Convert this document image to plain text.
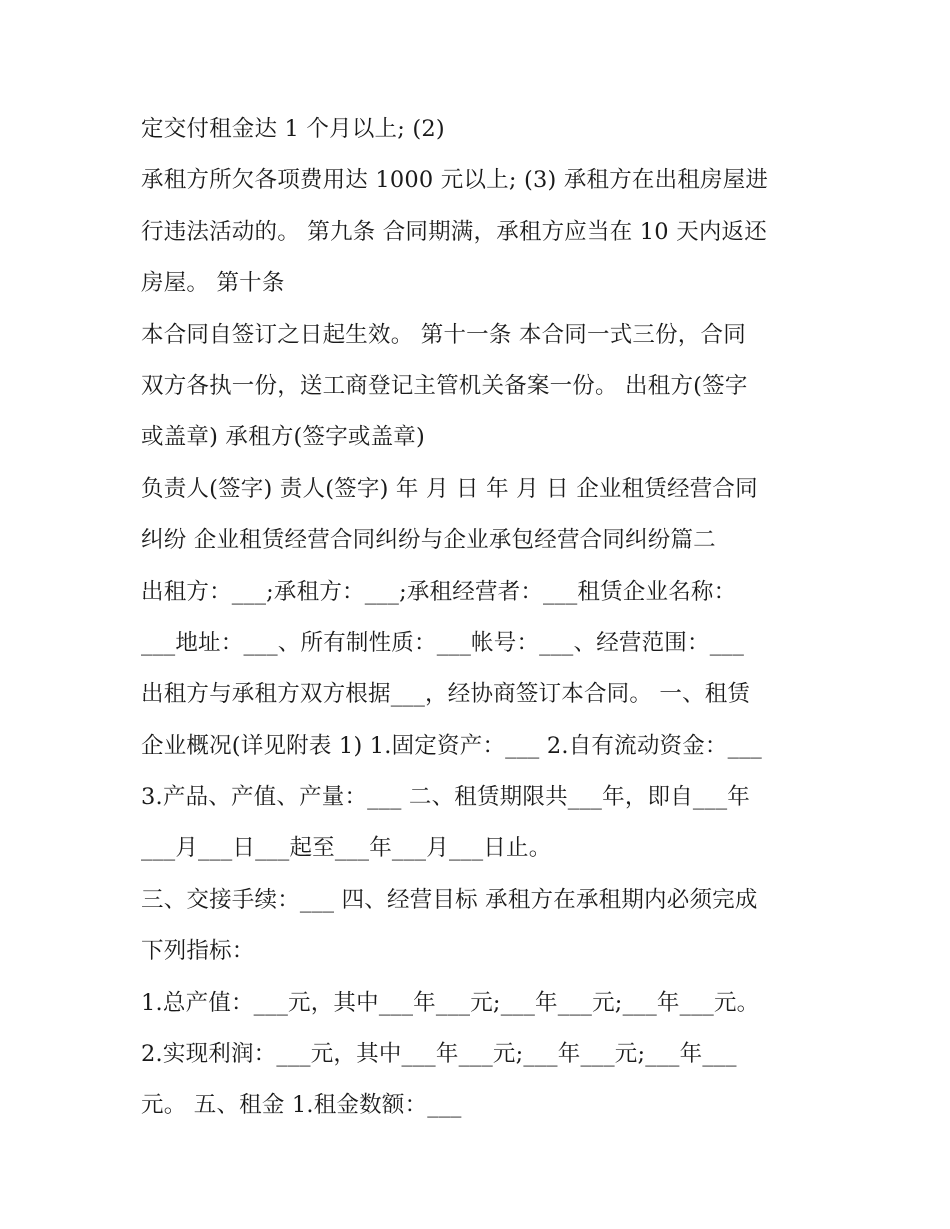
定交付租金达 1 个月以上; (2)
承租方所欠各项费用达 1000 元以上; (3) 承租方在出租房屋进
行违法活动的。 第九条 合同期满，承租方应当在 10 天内返还
房屋。 第十条
本合同自签订之日起生效。 第十一条 本合同一式三份，合同
双方各执一份，送工商登记主管机关备案一份。 出租方(签字
或盖章) 承租方(签字或盖章)
负责人(签字) 责人(签字) 年 月 日 年 月 日 企业租赁经营合同
纠纷 企业租赁经营合同纠纷与企业承包经营合同纠纷篇二
出租方：___;承租方：___;承租经营者：___租赁企业名称：
___地址：___、所有制性质：___帐号：___、经营范围：___
出租方与承租方双方根据___，经协商签订本合同。 一、租赁
企业概况(详见附表 1) 1.固定资产：___ 2.自有流动资金：___
3.产品、产值、产量：___ 二、租赁期限共___年，即自___年
___月___日___起至___年___月___日止。
三、交接手续：___ 四、经营目标 承租方在承租期内必须完成
下列指标：
1.总产值：___元，其中___年___元;___年___元;___年___元。
2.实现利润：___元，其中___年___元;___年___元;___年___
元。 五、租金 1.租金数额：___
